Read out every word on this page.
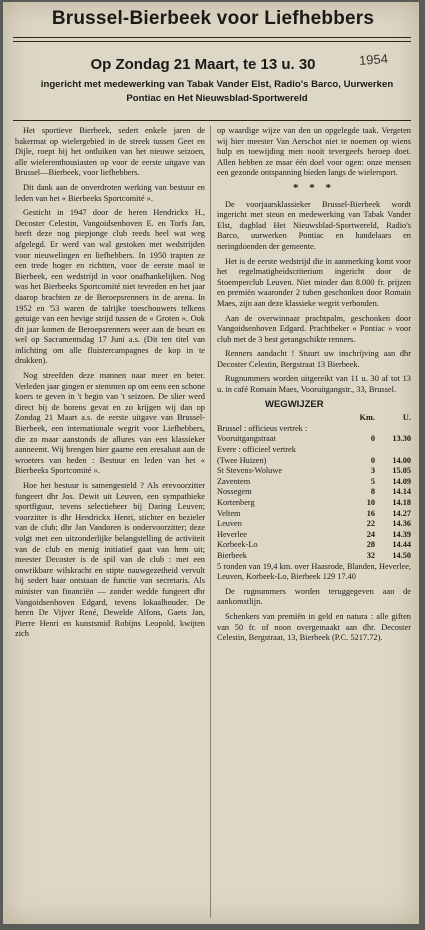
Brussel-Bierbeek voor Liefhebbers
Op Zondag 21 Maart, te 13 u. 30	1954
ingericht met medewerking van Tabak Vander Elst, Radio's Barco, Uurwerken Pontiac en Het Nieuwsblad-Sportwereld

Het sportieve Bierbeek, sedert enkele jaren de bakermat op wielergebied in de streek tussen Geet en Dijle, roept bij het ontluiken van het nieuwe seizoen, alle wielerenthousiasten op voor de eerste uitgave van Brussel—Bierbeek, voor liefhebbers.

Dit dank aan de onverdroten werking van bestuur en leden van het « Bierbeeks Sportcomité ».

Gesticht in 1947 door de heren Hendrickx H., Decoster Celestin, Vangoidsenhoven E. en Torfs Jan, heeft deze nog piepjonge club reeds heel wat weg afgelegd. Er werd van wal gestoken met wedstrijden voor nieuwelingen en liefhebbers. In 1950 trapten ze een trede hoger en richtten, voor de eerste maal te Bierbeek, een wedstrijd in voor onafhankelijken. Nog was het Bierbeeks Sportcomité niet tevreden en het jaar daarop brachten ze de Beroepsrenners in de arena. In 1952 en '53 waren de talrijke toeschouwers telkens getuige van een hevige strijd tussen de « Groten ». Ook dit jaar komen de Beroepsrenners weer aan de beurt en wel op Sacramentsdag 17 Juni a.s. (Dit ten titel van inlichting om alle fluistercampagnes de kop in te drukken).

Nog streefden deze mannen naar meer en beter. Verleden jaar gingen er stemmen op om eens een schone koers te geven in 't begin van 't seizoen. De slier werd direct bij de horens gevat en zo krijgen wij dan op Zondag 21 Maart a.s. de eerste uitgave van Brussel-Bierbeek, een internationale wegrit voor Liefhebbers, die zo maar aanstonds de allures van een klassieker aanneemt. Wij brengen hier gaarne een eresaluut aan de wroeters van heden : Bestuur en leden van het « Bierbeeks Sportcomité ».

Hoe het bestuur is samengesteld ? Als erevoorzitter fungeert dhr Jos. Dewit uit Leuven, een sympathieke sportfiguur, tevens selectieheer bij Daring Leuven; voorzitter is dhr Hendrickx Henri, stichter en bezieler van de club; dhr Jan Vandoren is ondervoorzitter; deze volgt met een uitzonderlijke belangstelling de activiteit van de club en menig initiatief gaat van hem uit; meester Decoster is de spil van de club : met een onwrikbare wilskracht en stipte nauwgezetheid vervult hij sedert haar ontstaan de functie van secretaris. Als minister van financiën — zonder wedde fungeert dhr Vangoidsenhoven Edgard, tevens lokaalhouder. De heren De Vijver René, Dewelde Alfons, Gaets Jan, Pierre Henri en kunstsmid Robijns Leopold, kwijten zich

op waardige wijze van den un opgelegde taak. Vergeten wij hier meester Van Aerschot niet te noemen op wiens hulp en toewijding men nooit tevergeefs beroep doet. Allen hebben ze maar één doel voor ogen: onze mensen een gezonde ontspanning bieden langs de wielersport.

* * *

De voorjaarsklassieker Brussel-Bierbeek wordt ingericht met steun en medewerking van Tabak Vander Elst, dagblad Het Nieuwsblad-Sportwereld, Radio's Barco, uurwerken Pontiac en handelaars en neringdoenden der gemeente.

Het is de eerste wedstrijd die in aanmerking komt voor het regelmatigheidscriterium ingericht door de Stoemperclub Leuven. Niet minder dan 8.000 fr. prijzen en premiën waaronder 2 tuben geschonken door Romain Maes, zijn aan deze klassieke wegrit verbonden.

Aan de overwinnaar prachtpalm, geschonken door Vangoidsenhoven Edgard. Prachtbeker « Pontiac » voor club met de 3 best gerangschikte renners.

Renners aandacht ! Stuurt uw inschrijving aan dhr Decoster Celestin, Bergstraat 13 Bierbeek.

Rugnummers worden uitgereikt van 11 u. 30 af tot 13 u. in café Romain Maes, Vooruitgangstr., 33, Brussel.

WEGWIJZER
	Km.	U.
Brussel : officieus vertrek :		
Vooruitgangstraat	0	13.30
Evere : officieel vertrek		
(Twee Huizen)	0	14.00
St Stevens-Woluwe	3	15.05
Zaventem	5	14.09
Nossegem	8	14.14
Kortenberg	10	14.18
Veltem	16	14.27
Leuven	22	14.36
Heverlee	24	14.39
Korbeek-Lo	28	14.44
Bierbeek	32	14.50

5 ronden van 19,4 km. over Haasrode, Blanden, Heverlee, Leuven, Korbeek-Lo, Bierbeek 129 17.40

De rugnummers worden teruggegeven aan de aankomstlijn.

Schenkers van premiën in geld en natura : alle giften van 50 fr. of noon overgemaakt aan dhr. Decoster Celestin, Bergstraat, 13, Bierbeek (P.C. 5217.72).
